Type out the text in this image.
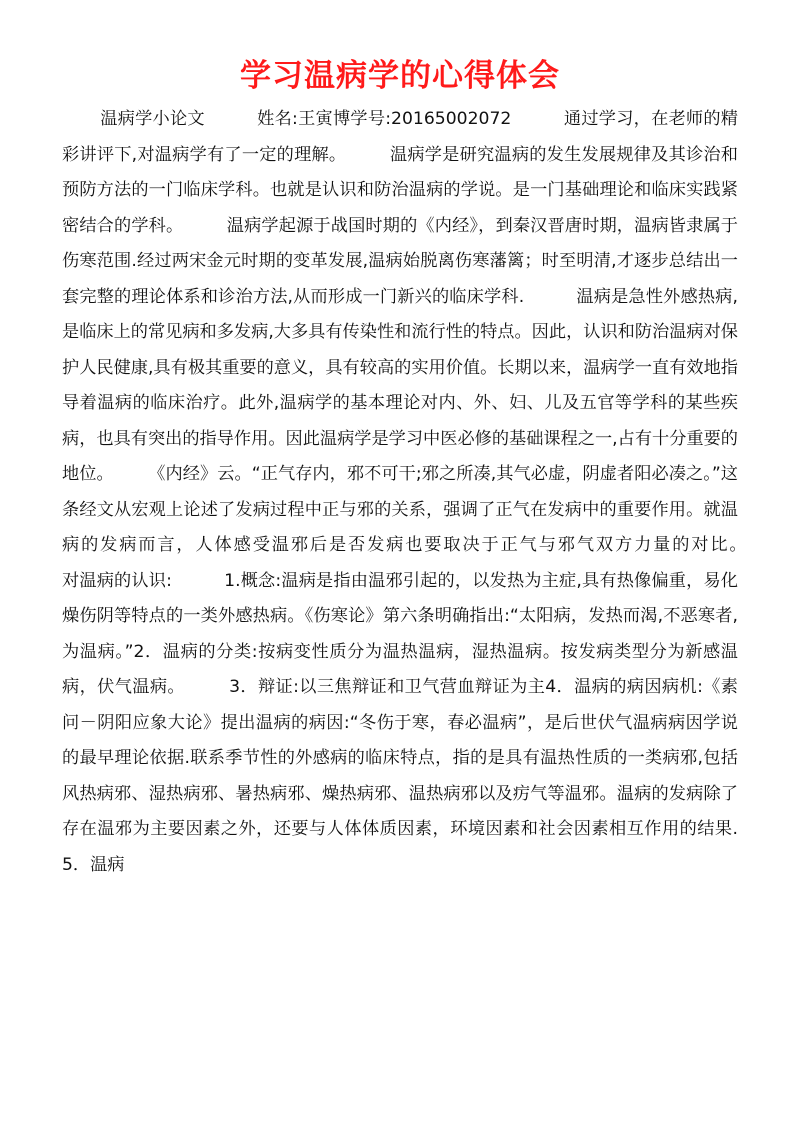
学习温病学的心得体会

温病学小论文　　　姓名:王寅博学号:20165002072　　　通过学习，在老师的精彩讲评下,对温病学有了一定的理解。　　　温病学是研究温病的发生发展规律及其诊治和预防方法的一门临床学科。也就是认识和防治温病的学说。是一门基础理论和临床实践紧密结合的学科。　　　温病学起源于战国时期的《内经》，到秦汉晋唐时期，温病皆隶属于伤寒范围.经过两宋金元时期的变革发展,温病始脱离伤寒藩篱；时至明清,才逐步总结出一套完整的理论体系和诊治方法,从而形成一门新兴的临床学科.　　　温病是急性外感热病,是临床上的常见病和多发病,大多具有传染性和流行性的特点。因此，认识和防治温病对保护人民健康,具有极其重要的意义，具有较高的实用价值。长期以来，温病学一直有效地指导着温病的临床治疗。此外,温病学的基本理论对内、外、妇、儿及五官等学科的某些疾病，也具有突出的指导作用。因此温病学是学习中医必修的基础课程之一,占有十分重要的地位。　　　《内经》云。“正气存内，邪不可干;邪之所凑,其气必虚，阴虚者阳必凑之。”这条经文从宏观上论述了发病过程中正与邪的关系，强调了正气在发病中的重要作用。就温病的发病而言，人体感受温邪后是否发病也要取决于正气与邪气双方力量的对比。　　　对温病的认识:　　　1.概念:温病是指由温邪引起的，以发热为主症,具有热像偏重，易化燥伤阴等特点的一类外感热病。《伤寒论》第六条明确指出:“太阳病，发热而渴,不恶寒者,为温病。”2．温病的分类:按病变性质分为温热温病，湿热温病。按发病类型分为新感温病，伏气温病。　　　3．辩证:以三焦辩证和卫气营血辩证为主4．温病的病因病机:《素问－阴阳应象大论》提出温病的病因:“冬伤于寒，春必温病”，是后世伏气温病病因学说的最早理论依据.联系季节性的外感病的临床特点，指的是具有温热性质的一类病邪,包括风热病邪、湿热病邪、暑热病邪、燥热病邪、温热病邪以及疠气等温邪。温病的发病除了存在温邪为主要因素之外，还要与人体体质因素，环境因素和社会因素相互作用的结果.　　　5．温病
